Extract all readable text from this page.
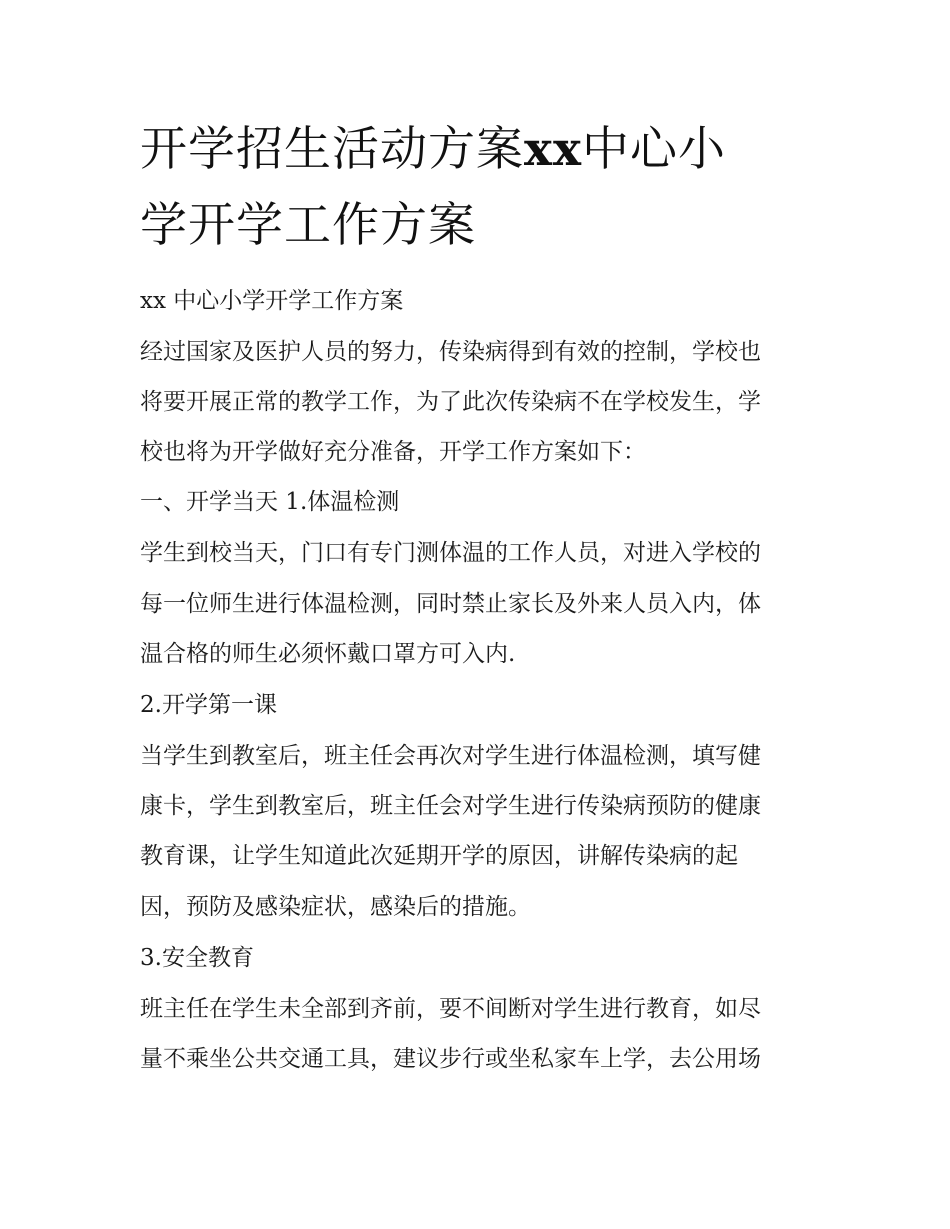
开学招生活动方案xx中心小
学开学工作方案

xx 中心小学开学工作方案

经过国家及医护人员的努力，传染病得到有效的控制，学校也

将要开展正常的教学工作，为了此次传染病不在学校发生，学

校也将为开学做好充分准备，开学工作方案如下：

一、开学当天 1.体温检测

学生到校当天，门口有专门测体温的工作人员，对进入学校的

每一位师生进行体温检测，同时禁止家长及外来人员入内，体

温合格的师生必须怀戴口罩方可入内.

2.开学第一课

当学生到教室后，班主任会再次对学生进行体温检测，填写健

康卡，学生到教室后，班主任会对学生进行传染病预防的健康

教育课，让学生知道此次延期开学的原因，讲解传染病的起

因，预防及感染症状，感染后的措施。

3.安全教育

班主任在学生未全部到齐前，要不间断对学生进行教育，如尽

量不乘坐公共交通工具，建议步行或坐私家车上学，去公用场
